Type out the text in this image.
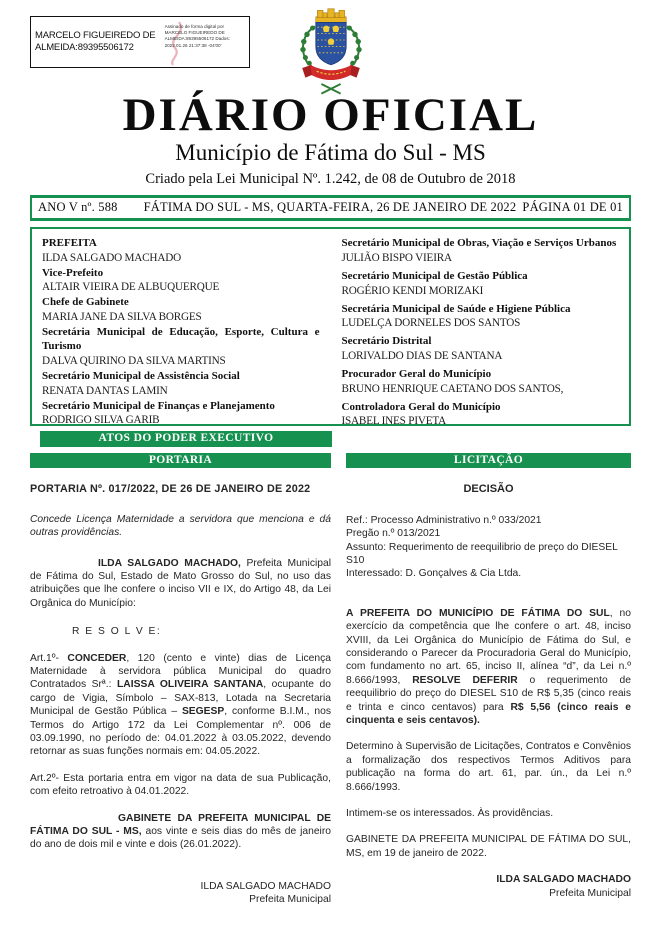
MARCELO FIGUEIREDO DE ALMEIDA:89395506172
Assinado de forma digital por MARCELO FIGUEIREDO DE ALMEIDA:89395506172 Dados: 2022.01.26 21:37:38 -04'00'
DIÁRIO OFICIAL
Município de Fátima do Sul - MS
Criado pela Lei Municipal Nº. 1.242, de 08 de Outubro de 2018
ANO V nº. 588 FÁTIMA DO SUL - MS, QUARTA-FEIRA, 26 DE JANEIRO DE 2022 PÁGINA 01 DE 01
PREFEITA
ILDA SALGADO MACHADO
Vice-Prefeito
ALTAIR VIEIRA DE ALBUQUERQUE
Chefe de Gabinete
MARIA JANE DA SILVA BORGES
Secretária Municipal de Educação, Esporte, Cultura e Turismo
DALVA QUIRINO DA SILVA MARTINS
Secretário Municipal de Assistência Social
RENATA DANTAS LAMIN
Secretário Municipal de Finanças e Planejamento
RODRIGO SILVA GARIB
Secretário Municipal de Obras, Viação e Serviços Urbanos
JULIÃO BISPO VIEIRA
Secretário Municipal de Gestão Pública
ROGÉRIO KENDI MORIZAKI
Secretária Municipal de Saúde e Higiene Pública
LUDELÇA DORNELES DOS SANTOS
Secretário Distrital
LORIVALDO DIAS DE SANTANA
Procurador Geral do Município
BRUNO HENRIQUE CAETANO DOS SANTOS,
Controladora Geral do Município
ISABEL INES PIVETA
ATOS DO PODER EXECUTIVO
PORTARIA

PORTARIA Nº. 017/2022, DE 26 DE JANEIRO DE 2022

Concede Licença Maternidade a servidora que menciona e dá outras providências.

ILDA SALGADO MACHADO, Prefeita Municipal de Fátima do Sul, Estado de Mato Grosso do Sul, no uso das atribuições que lhe confere o inciso VII e IX, do Artigo 48, da Lei Orgânica do Município:

R E S O L V E:

Art.1º- CONCEDER, 120 (cento e vinte) dias de Licença Maternidade à servidora pública Municipal do quadro Contratados Srª.: LAISSA OLIVEIRA SANTANA, ocupante do cargo de Vigia, Símbolo – SAX-813, Lotada na Secretaria Municipal de Gestão Pública – SEGESP, conforme B.I.M., nos Termos do Artigo 172 da Lei Complementar nº. 006 de 03.09.1990, no período de: 04.01.2022 à 03.05.2022, devendo retornar as suas funções normais em: 04.05.2022.

Art.2º- Esta portaria entra em vigor na data de sua Publicação, com efeito retroativo à 04.01.2022.

GABINETE DA PREFEITA MUNICIPAL DE FÁTIMA DO SUL - MS, aos vinte e seis dias do mês de janeiro do ano de dois mil e vinte e dois (26.01.2022).

ILDA SALGADO MACHADO
Prefeita Municipal
LICITAÇÃO

DECISÃO

Ref.: Processo Administrativo n.º 033/2021
Pregão n.º 013/2021
Assunto: Requerimento de reequilibrio de preço do DIESEL S10
Interessado: D. Gonçalves & Cia Ltda.

A PREFEITA DO MUNICÍPIO DE FÁTIMA DO SUL, no exercício da competência que lhe confere o art. 48, inciso XVIII, da Lei Orgânica do Município de Fátima do Sul, e considerando o Parecer da Procuradoria Geral do Município, com fundamento no art. 65, inciso II, alínea “d”, da Lei n.º 8.666/1993, RESOLVE DEFERIR o requerimento de reequilibrio do preço do DIESEL S10 de R$ 5,35 (cinco reais e trinta e cinco centavos) para R$ 5,56 (cinco reais e cinquenta e seis centavos).

Determino à Supervisão de Licitações, Contratos e Convênios a formalização dos respectivos Termos Aditivos para publicação na forma do art. 61, par. ún., da Lei n.º 8.666/1993.

Intimem-se os interessados. Às providências.

GABINETE DA PREFEITA MUNICIPAL DE FÁTIMA DO SUL, MS, em 19 de janeiro de 2022.

ILDA SALGADO MACHADO
Prefeita Municipal
